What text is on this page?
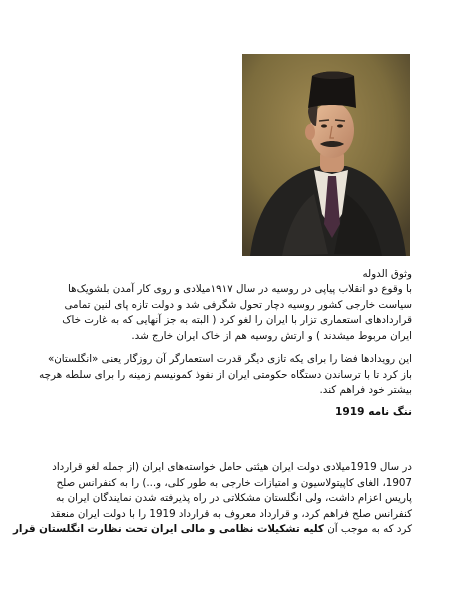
وثوق الدوله
با وقوع دو انقلاب پیاپی در روسیه در سال ۱۹۱۷میلادی و روی کار آمدن بلشویک‌ها
سیاست خارجی کشور روسیه دچار تحول شگرفی شد و دولت تازه پای لنین تمامی
قراردادهای استعماری تزار با ایران را لغو کرد ( البته به جز آنهایی که به غارت خاک
ایران مربوط میشدند ) و ارتش روسیه هم از خاک ایران خارج شد.
این رویدادها فضا را برای یکه تازی دیگر قدرت استعمارگر آن روزگار یعنی «انگلستان»
باز کرد تا با ترساندن دستگاه حکومتی ایران از نفوذ کمونیسم زمینه را برای سلطه هرچه
بیشتر خود فراهم کند.
ننگ نامه 1919
در سال 1919میلادی دولت ایران هیئتی حامل خواسته‌های ایران (از جمله لغو قرارداد
1907، الغای کاپیتولاسیون و امتیازات خارجی به طور کلی، و...) را به کنفرانس صلح
پاریس اعزام داشت، ولی انگلستان مشکلاتی در راه پذیرفته شدن نمایندگان ایران به
کنفرانس صلح فراهم کرد، و قرارداد معروف به قرارداد 1919 را با دولت ایران منعقد
کرد که به موجب آن کلیه تشکیلات نظامی و مالی ایران تحت نظارت انگلستان قرار
